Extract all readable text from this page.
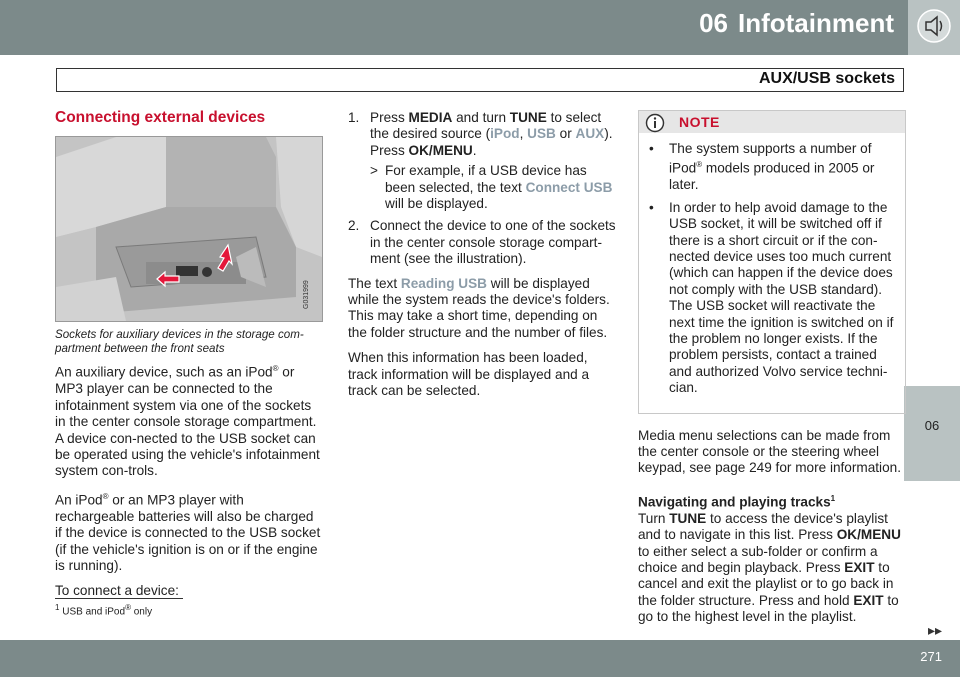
06 Infotainment
AUX/USB sockets
06
Connecting external devices
G031999

Sockets for auxiliary devices in the storage com-partment between the front seats

An auxiliary device, such as an iPod® or MP3 player can be connected to the infotainment system via one of the sockets in the center console storage compartment. A device con-nected to the USB socket can be operated using the vehicle's infotainment system con-trols.

An iPod® or an MP3 player with rechargeable batteries will also be charged if the device is connected to the USB socket (if the vehicle's ignition is on or if the engine is running).

To connect a device:

1. Press MEDIA and turn TUNE to select the desired source (iPod, USB or AUX). Press OK/MENU.
> For example, if a USB device has been selected, the text Connect USB will be displayed.
2. Connect the device to one of the sockets in the center console storage compart-ment (see the illustration).

The text Reading USB will be displayed while the system reads the device's folders. This may take a short time, depending on the folder structure and the number of files.

When this information has been loaded, track information will be displayed and a track can be selected.

NOTE
• The system supports a number of iPod® models produced in 2005 or later.
• In order to help avoid damage to the USB socket, it will be switched off if there is a short circuit or if the con-nected device uses too much current (which can happen if the device does not comply with the USB standard). The USB socket will reactivate the next time the ignition is switched on if the problem no longer exists. If the problem persists, contact a trained and authorized Volvo service techni-cian.

Media menu selections can be made from the center console or the steering wheel keypad, see page 249 for more information.

Navigating and playing tracks$^1$

Turn TUNE to access the device's playlist and to navigate in this list. Press OK/MENU to either select a sub-folder or confirm a choice and begin playback. Press EXIT to cancel and exit the playlist or to go back in the folder structure. Press and hold EXIT to go to the highest level in the playlist.

$^1$ USB and iPod® only
▸▸
271
